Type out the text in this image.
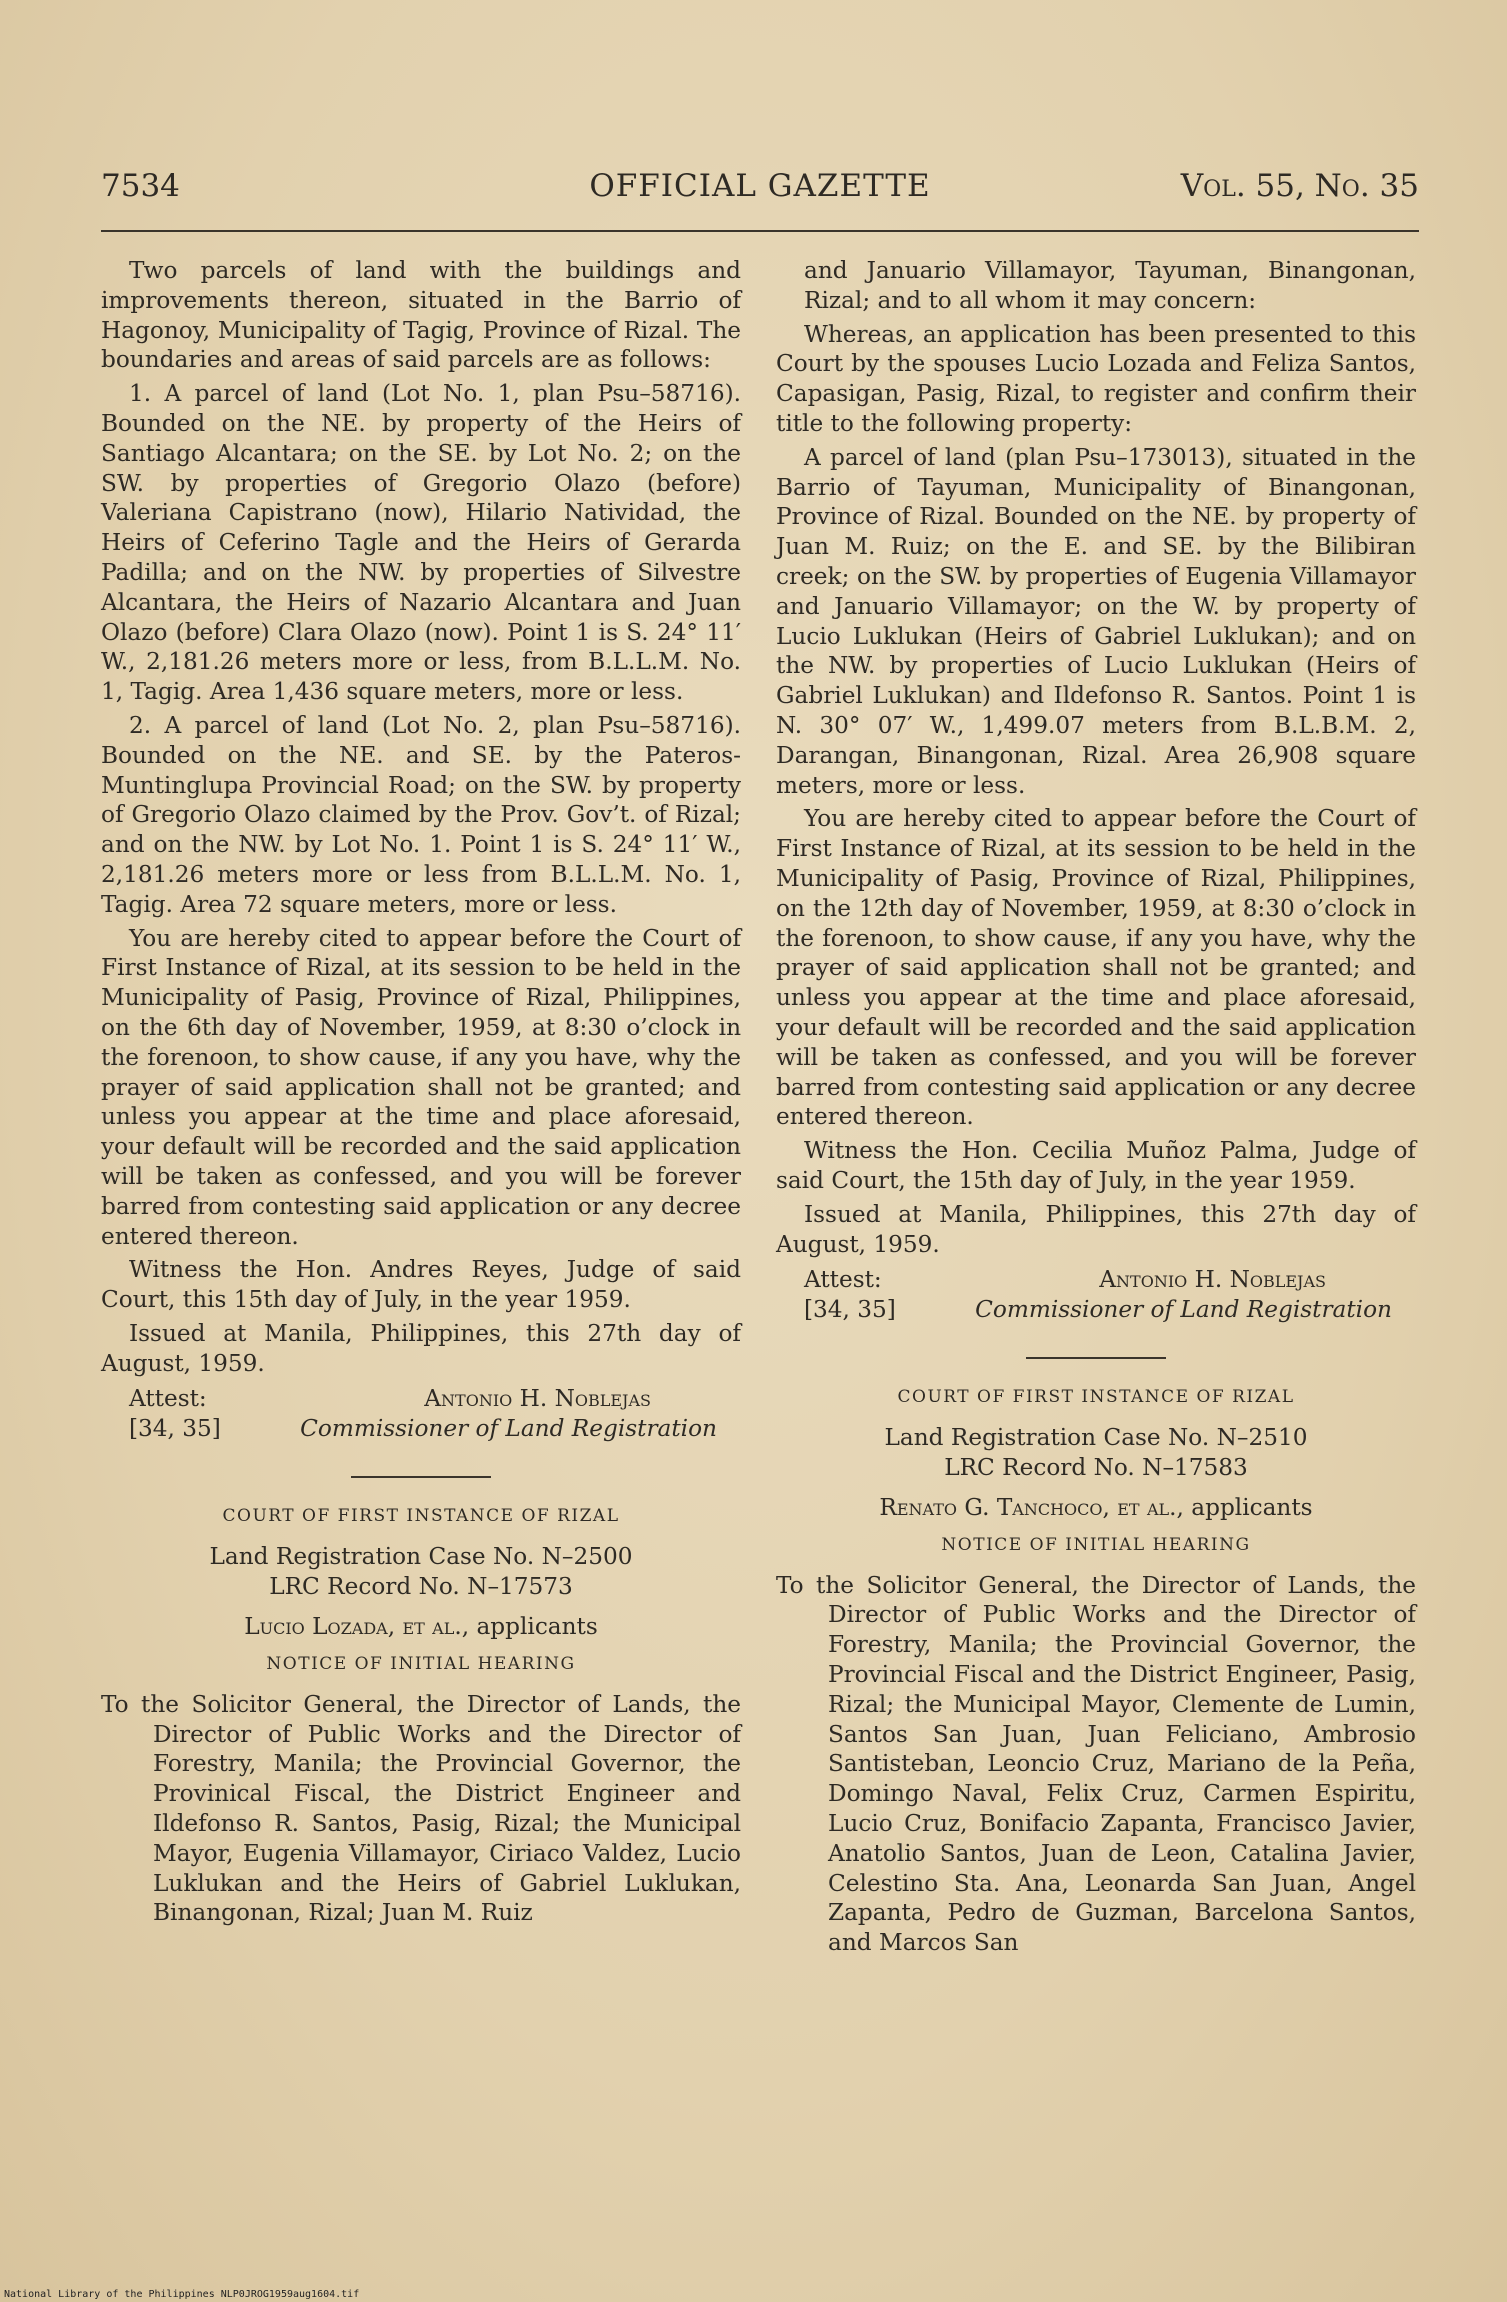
7534	OFFICIAL GAZETTE	Vol. 55, No. 35

Two parcels of land with the buildings and improvements thereon, situated in the Barrio of Hagonoy, Municipality of Tagig, Province of Rizal. The boundaries and areas of said parcels are as follows:

1. A parcel of land (Lot No. 1, plan Psu–58716). Bounded on the NE. by property of the Heirs of Santiago Alcantara; on the SE. by Lot No. 2; on the SW. by properties of Gregorio Olazo (before) Valeriana Capistrano (now), Hilario Natividad, the Heirs of Ceferino Tagle and the Heirs of Gerarda Padilla; and on the NW. by properties of Silvestre Alcantara, the Heirs of Nazario Alcantara and Juan Olazo (before) Clara Olazo (now). Point 1 is S. 24° 11′ W., 2,181.26 meters more or less, from B.L.L.M. No. 1, Tagig. Area 1,436 square meters, more or less.

2. A parcel of land (Lot No. 2, plan Psu–58716). Bounded on the NE. and SE. by the Pateros-Muntinglupa Provincial Road; on the SW. by property of Gregorio Olazo claimed by the Prov. Gov’t. of Rizal; and on the NW. by Lot No. 1. Point 1 is S. 24° 11′ W., 2,181.26 meters more or less from B.L.L.M. No. 1, Tagig. Area 72 square meters, more or less.

You are hereby cited to appear before the Court of First Instance of Rizal, at its session to be held in the Municipality of Pasig, Province of Rizal, Philippines, on the 6th day of November, 1959, at 8:30 o’clock in the forenoon, to show cause, if any you have, why the prayer of said application shall not be granted; and unless you appear at the time and place aforesaid, your default will be recorded and the said application will be taken as confessed, and you will be forever barred from contesting said application or any decree entered thereon.

Witness the Hon. Andres Reyes, Judge of said Court, this 15th day of July, in the year 1959.

Issued at Manila, Philippines, this 27th day of August, 1959.

Attest:
[34, 35]
Antonio H. Noblejas
Commissioner of Land Registration
COURT OF FIRST INSTANCE OF RIZAL
Land Registration Case No. N–2500
LRC Record No. N–17573
Lucio Lozada, et al., applicants
NOTICE OF INITIAL HEARING

To the Solicitor General, the Director of Lands, the Director of Public Works and the Director of Forestry, Manila; the Provincial Governor, the Provinical Fiscal, the District Engineer and Ildefonso R. Santos, Pasig, Rizal; the Municipal Mayor, Eugenia Villamayor, Ciriaco Valdez, Lucio Luklukan and the Heirs of Gabriel Luklukan, Binangonan, Rizal; Juan M. Ruiz

and Januario Villamayor, Tayuman, Binangonan, Rizal; and to all whom it may concern:

Whereas, an application has been presented to this Court by the spouses Lucio Lozada and Feliza Santos, Capasigan, Pasig, Rizal, to register and confirm their title to the following property:

A parcel of land (plan Psu–173013), situated in the Barrio of Tayuman, Municipality of Binangonan, Province of Rizal. Bounded on the NE. by property of Juan M. Ruiz; on the E. and SE. by the Bilibiran creek; on the SW. by properties of Eugenia Villamayor and Januario Villamayor; on the W. by property of Lucio Luklukan (Heirs of Gabriel Luklukan); and on the NW. by properties of Lucio Luklukan (Heirs of Gabriel Luklukan) and Ildefonso R. Santos. Point 1 is N. 30° 07′ W., 1,499.07 meters from B.L.B.M. 2, Darangan, Binangonan, Rizal. Area 26,908 square meters, more or less.

You are hereby cited to appear before the Court of First Instance of Rizal, at its session to be held in the Municipality of Pasig, Province of Rizal, Philippines, on the 12th day of November, 1959, at 8:30 o’clock in the forenoon, to show cause, if any you have, why the prayer of said application shall not be granted; and unless you appear at the time and place aforesaid, your default will be recorded and the said application will be taken as confessed, and you will be forever barred from contesting said application or any decree entered thereon.

Witness the Hon. Cecilia Muñoz Palma, Judge of said Court, the 15th day of July, in the year 1959.

Issued at Manila, Philippines, this 27th day of August, 1959.

Attest:
[34, 35]
Antonio H. Noblejas
Commissioner of Land Registration
COURT OF FIRST INSTANCE OF RIZAL
Land Registration Case No. N–2510
LRC Record No. N–17583
Renato G. Tanchoco, et al., applicants
NOTICE OF INITIAL HEARING

To the Solicitor General, the Director of Lands, the Director of Public Works and the Director of Forestry, Manila; the Provincial Governor, the Provincial Fiscal and the District Engineer, Pasig, Rizal; the Municipal Mayor, Clemente de Lumin, Santos San Juan, Juan Feliciano, Ambrosio Santisteban, Leoncio Cruz, Mariano de la Peña, Domingo Naval, Felix Cruz, Carmen Espiritu, Lucio Cruz, Bonifacio Zapanta, Francisco Javier, Anatolio Santos, Juan de Leon, Catalina Javier, Celestino Sta. Ana, Leonarda San Juan, Angel Zapanta, Pedro de Guzman, Barcelona Santos, and Marcos San

National Library of the Philippines NLP0JROG1959aug1604.tif
